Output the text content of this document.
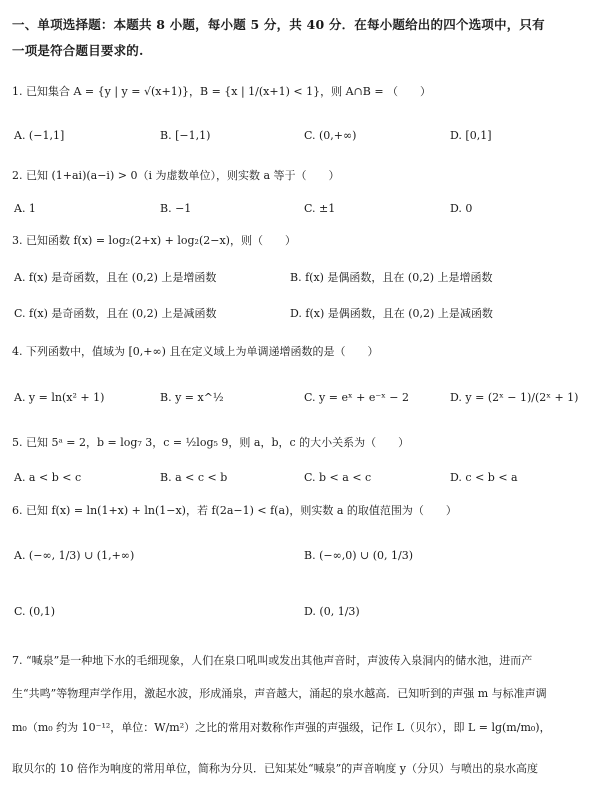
一、单项选择题：本题共 8 小题，每小题 5 分，共 40 分．在每小题给出的四个选项中，只有
一项是符合题目要求的.
1. 已知集合 A = {y | y = √(x+1)}，B = {x | 1/(x+1) < 1}，则 A∩B = （　　）
A. (−1,1]	B. [−1,1)	C. (0,+∞)	D. [0,1]
2. 已知 (1+ai)(a−i) > 0（i 为虚数单位），则实数 a 等于（　　）
A. 1	B. −1	C. ±1	D. 0
3. 已知函数 f(x) = log₂(2+x) + log₂(2−x)，则（　　）
A. f(x) 是奇函数，且在 (0,2) 上是增函数	B. f(x) 是偶函数，且在 (0,2) 上是增函数
C. f(x) 是奇函数，且在 (0,2) 上是减函数	D. f(x) 是偶函数，且在 (0,2) 上是减函数
4. 下列函数中，值域为 [0,+∞) 且在定义域上为单调递增函数的是（　　）
A. y = ln(x² + 1)	B. y = x^½	C. y = eˣ + e⁻ˣ − 2	D. y = (2ˣ − 1)/(2ˣ + 1)
5. 已知 5ᵃ = 2，b = log₇ 3，c = ½log₅ 9，则 a，b，c 的大小关系为（　　）
A. a < b < c	B. a < c < b	C. b < a < c	D. c < b < a
6. 已知 f(x) = ln(1+x) + ln(1−x)，若 f(2a−1) < f(a)，则实数 a 的取值范围为（　　）
A. (−∞, 1/3) ∪ (1,+∞)	B. (−∞,0) ∪ (0, 1/3)
C. (0,1)	D. (0, 1/3)
7. “喊泉”是一种地下水的毛细现象，人们在泉口吼叫或发出其他声音时，声波传入泉洞内的储水池，进而产
生“共鸣”等物理声学作用，激起水波，形成涌泉，声音越大，涌起的泉水越高．已知听到的声强 m 与标准声调
m₀（m₀ 约为 10⁻¹²，单位：W/m²）之比的常用对数称作声强的声强级，记作 L（贝尔），即 L = lg(m/m₀)，
取贝尔的 10 倍作为响度的常用单位，简称为分贝．已知某处“喊泉”的声音响度 y（分贝）与喷出的泉水高度
